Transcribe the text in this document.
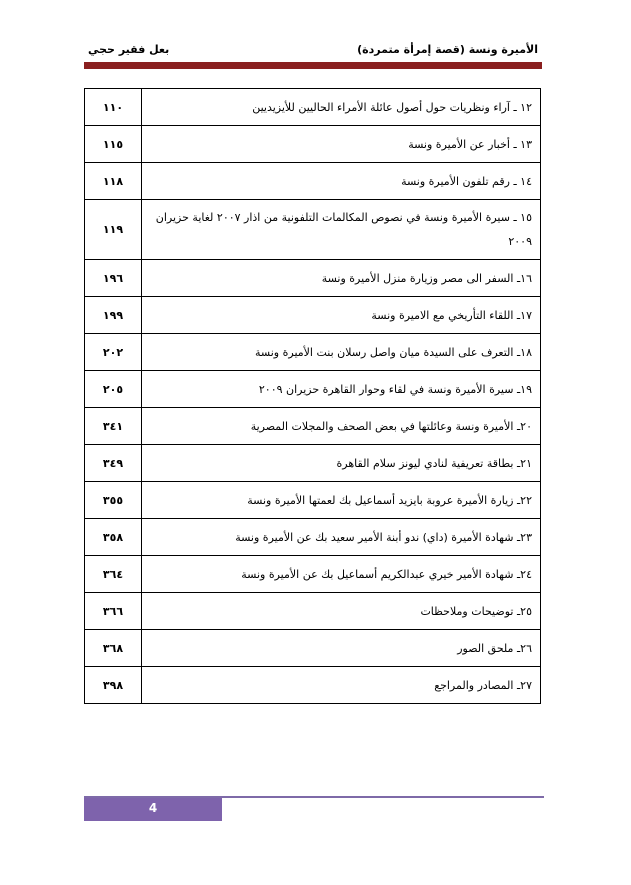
الأميرة ونسة (قصة إمرأة متمردة)
بعل فقير حجي
١٢ ـ آراء ونظريات حول أصول عائلة الأمراء الحاليين للأيزيديين	١١٠
١٣ ـ أخبار عن الأميرة ونسة	١١٥
١٤ ـ رقم تلفون الأميرة ونسة	١١٨
١٥ ـ سيرة الأميرة ونسة في نصوص المكالمات التلفونية من اذار ٢٠٠٧ لغاية حزيران ٢٠٠٩	١١٩
١٦ـ السفر الى مصر وزيارة منزل الأميرة ونسة	١٩٦
١٧ـ اللقاء التأريخي مع الاميرة ونسة	١٩٩
١٨ـ التعرف على السيدة ميان واصل رسلان بنت الأميرة ونسة	٢٠٢
١٩ـ سيرة الأميرة ونسة في لقاء وحوار القاهرة حزيران ٢٠٠٩	٢٠٥
٢٠ـ الأميرة ونسة وعائلتها في بعض الصحف والمجلات المصرية	٣٤١
٢١ـ بطاقة تعريفية لنادي ليونز سلام القاهرة	٣٤٩
٢٢ـ زيارة الأميرة عروبة بايزيد أسماعيل بك لعمتها الأميرة ونسة	٣٥٥
٢٣ـ شهادة الأميرة (داي) ندو أبنة الأمير سعيد بك عن الأميرة ونسة	٣٥٨
٢٤ـ شهادة الأمير خيري عبدالكريم أسماعيل بك عن الأميرة ونسة	٣٦٤
٢٥ـ توضيحات وملاحظات	٣٦٦
٢٦ـ ملحق الصور	٣٦٨
٢٧ـ المصادر والمراجع	٣٩٨
4
